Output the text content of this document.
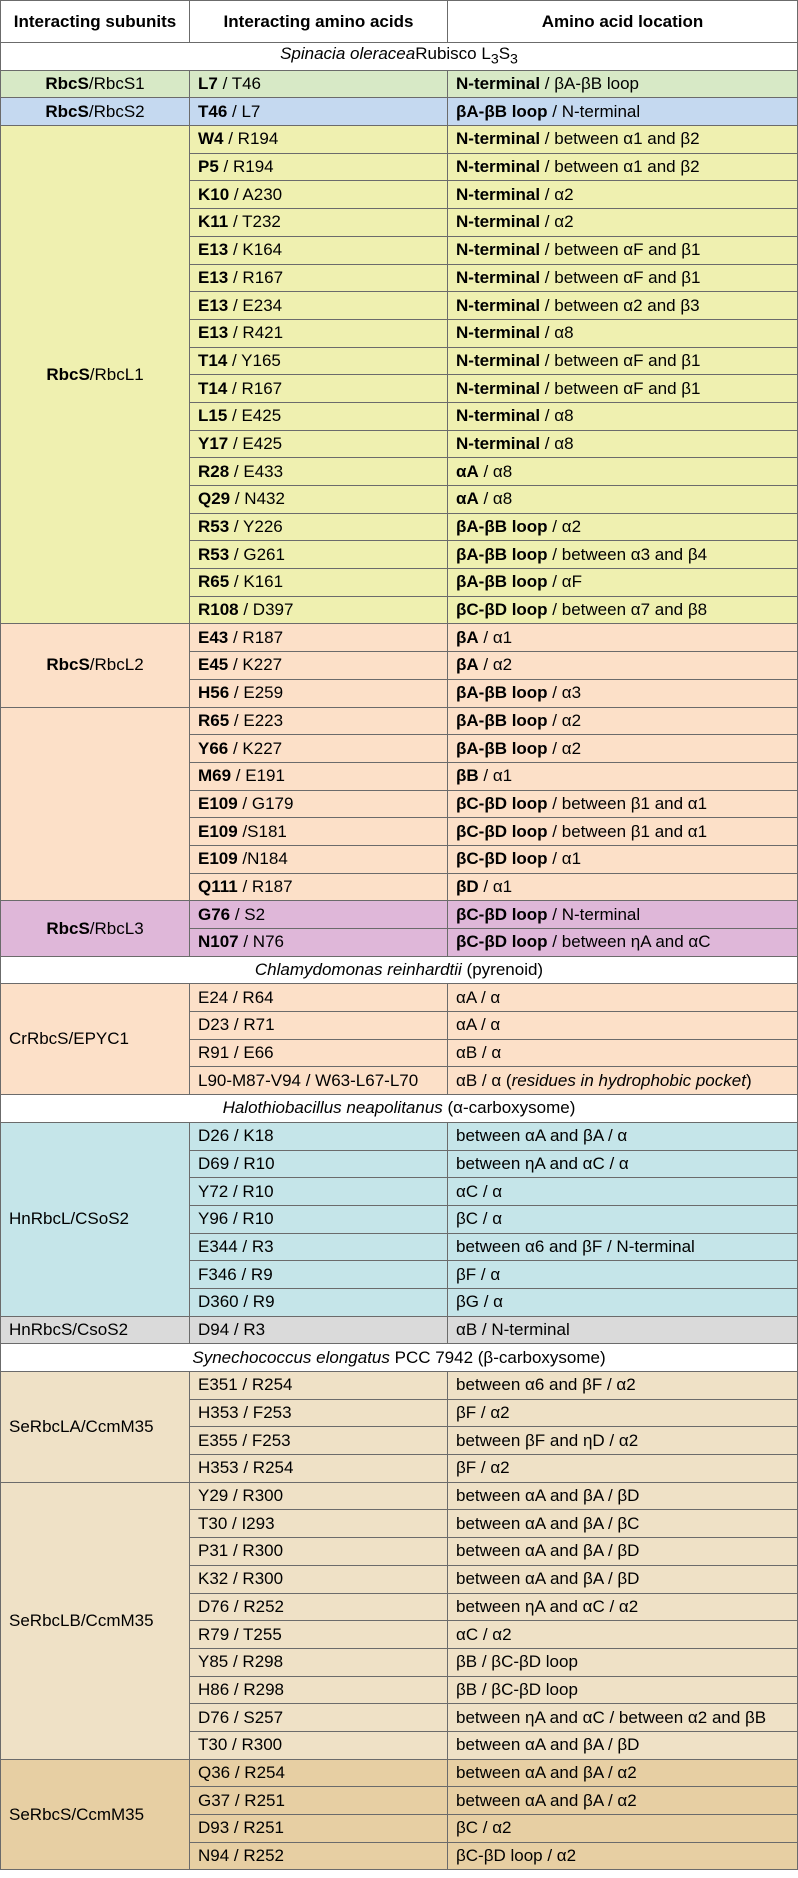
Interacting subunits	Interacting amino acids	Amino acid location
Spinacia oleraceaRubisco $L_3S_3$
RbcS/RbcS1	L7 / T46	N-terminal / βA-βB loop
RbcS/RbcS2	T46 / L7	βA-βB loop / N-terminal
RbcS/RbcL1	W4 / R194	N-terminal / between α1 and β2
	P5 / R194	N-terminal / between α1 and β2
	K10 / A230	N-terminal / α2
	K11 / T232	N-terminal / α2
	E13 / K164	N-terminal / between αF and β1
	E13 / R167	N-terminal / between αF and β1
	E13 / E234	N-terminal / between α2 and β3
	E13 / R421	N-terminal / α8
	T14 / Y165	N-terminal / between αF and β1
	T14 / R167	N-terminal / between αF and β1
	L15 / E425	N-terminal / α8
	Y17 / E425	N-terminal / α8
	R28 / E433	αA / α8
	Q29 / N432	αA / α8
	R53 / Y226	βA-βB loop / α2
	R53 / G261	βA-βB loop / between α3 and β4
	R65 / K161	βA-βB loop / αF
	R108 / D397	βC-βD loop / between α7 and β8
RbcS/RbcL2	E43 / R187	βA / α1
	E45 / K227	βA / α2
	H56 / E259	βA-βB loop / α3
	R65 / E223	βA-βB loop / α2
	Y66 / K227	βA-βB loop / α2
	M69 / E191	βB / α1
	E109 / G179	βC-βD loop / between β1 and α1
	E109 /S181	βC-βD loop / between β1 and α1
	E109 /N184	βC-βD loop / α1
	Q111 / R187	βD / α1
RbcS/RbcL3	G76 / S2	βC-βD loop / N-terminal
	N107 / N76	βC-βD loop / between ηA and αC
Chlamydomonas reinhardtii (pyrenoid)		
CrRbcS/EPYC1	E24 / R64	αA / α
	D23 / R71	αA / α
	R91 / E66	αB / α
	L90-M87-V94 / W63-L67-L70	αB / α (residues in hydrophobic pocket)
Halothiobacillus neapolitanus (α-carboxysome)		
HnRbcL/CSoS2	D26 / K18	between αA and βA / α
	D69 / R10	between ηA and αC / α
	Y72 / R10	αC / α
	Y96 / R10	βC / α
	E344 / R3	between α6 and βF / N-terminal
	F346 / R9	βF / α
	D360 / R9	βG / α
HnRbcS/CsoS2	D94 / R3	αB / N-terminal
Synechococcus elongatus PCC 7942 (β-carboxysome)		
SeRbcLA/CcmM35	E351 / R254	between α6 and βF / α2
	H353 / F253	βF / α2
	E355 / F253	between βF and ηD / α2
	H353 / R254	βF / α2
SeRbcLB/CcmM35	Y29 / R300	between αA and βA / βD
	T30 / I293	between αA and βA / βC
	P31 / R300	between αA and βA / βD
	K32 / R300	between αA and βA / βD
	D76 / R252	between ηA and αC / α2
	R79 / T255	αC / α2
	Y85 / R298	βB / βC-βD loop
	H86 / R298	βB / βC-βD loop
	D76 / S257	between ηA and αC / between α2 and βB
	T30 / R300	between αA and βA / βD
SeRbcS/CcmM35	Q36 / R254	between αA and βA / α2
	G37 / R251	between αA and βA / α2
	D93 / R251	βC / α2
	N94 / R252	βC-βD loop / α2
